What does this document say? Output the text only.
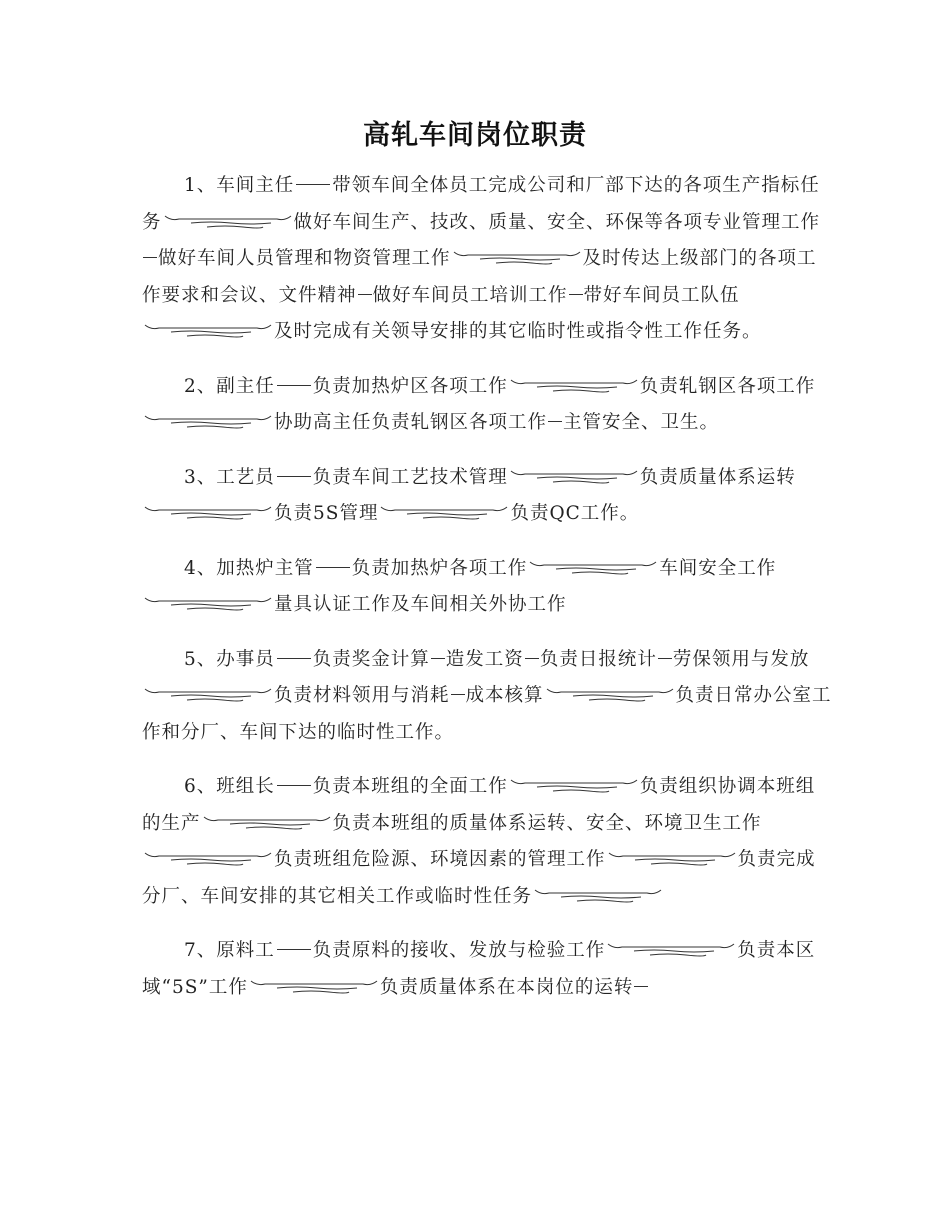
高轧车间岗位职责

1、车间主任 带领车间全体员工完成公司和厂部下达的各项生产指标任务	做好车间生产、技改、质量、安全、环保等各项专业管理工作做好车间人员管理和物资管理工作	及时传达上级部门的各项工作要求和会议、文件精神 做好车间员工培训工作 带好车间员工队伍及时完成有关领导安排的其它临时性或指令性工作任务。

2、副主任 负责加热炉区各项工作	负责轧钢区各项工作协助高主任负责轧钢区各项工作 主管安全、卫生。

3、工艺员 负责车间工艺技术管理	负责质量体系运转负责5S管理	负责QC工作。

4、加热炉主管 负责加热炉各项工作	车间安全工作量具认证工作及车间相关外协工作

5、办事员 负责奖金计算 造发工资 负责日报统计 劳保领用与发放负责材料领用与消耗 成本核算	负责日常办公室工作和分厂、车间下达的临时性工作。

6、班组长 负责本班组的全面工作	负责组织协调本班组的生产	负责本班组的质量体系运转、安全、环境卫生工作负责班组危险源、环境因素的管理工作	负责完成分厂、车间安排的其它相关工作或临时性任务

7、原料工 负责原料的接收、发放与检验工作	负责本区域“5S”工作	负责质量体系在本岗位的运转
